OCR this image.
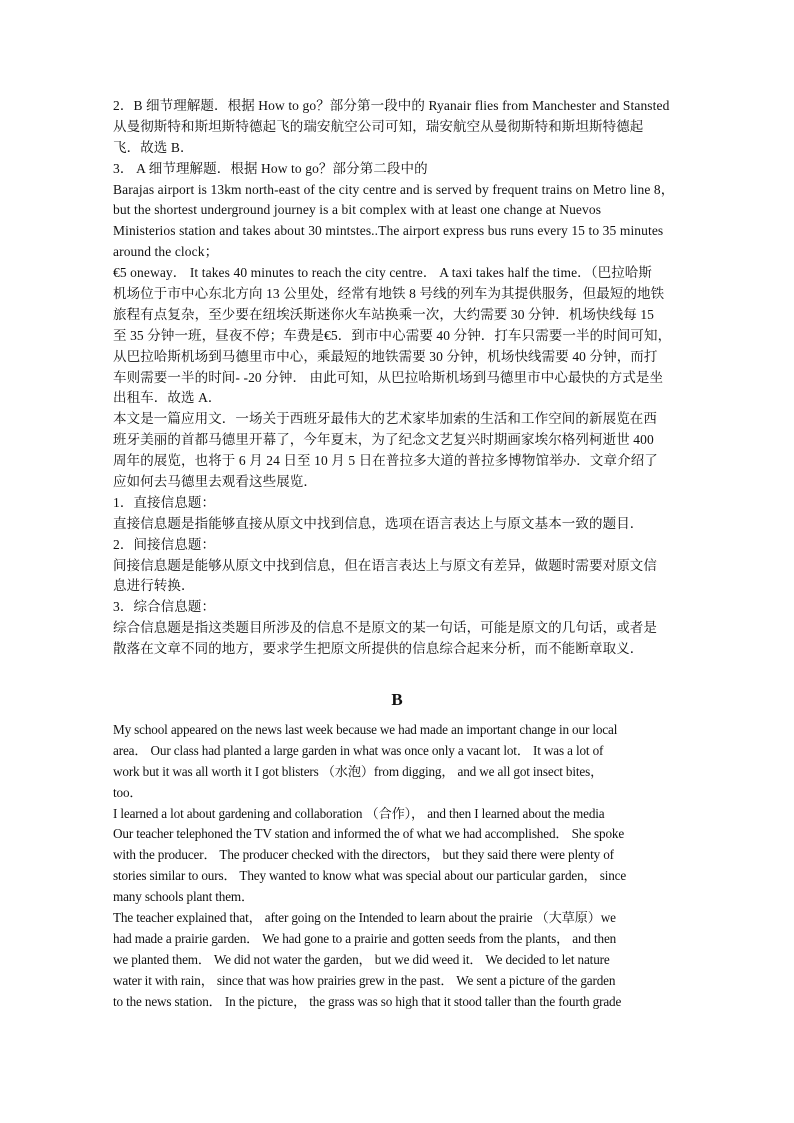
2．B 细节理解题．根据 How to go？部分第一段中的 Ryanair flies from Manchester and Stansted
从曼彻斯特和斯坦斯特德起飞的瑞安航空公司可知，瑞安航空从曼彻斯特和斯坦斯特德起
飞．故选 B．
3． A 细节理解题．根据 How to go？部分第二段中的
Barajas airport is 13km north-east of the city centre and is served by frequent trains on Metro line 8，
but the shortest underground journey is a bit complex with at least one change at Nuevos
Ministerios station and takes about 30 mintstes..The airport express bus runs every 15 to 35 minutes
around the clock；
€5 oneway． It takes 40 minutes to reach the city centre． A taxi takes half the time．（巴拉哈斯
机场位于市中心东北方向 13 公里处，经常有地铁 8 号线的列车为其提供服务，但最短的地铁
旅程有点复杂，至少要在纽埃沃斯迷你火车站换乘一次，大约需要 30 分钟．机场快线每 15
至 35 分钟一班，昼夜不停；车费是€5．到市中心需要 40 分钟．打车只需要一半的时间可知，
从巴拉哈斯机场到马德里市中心，乘最短的地铁需要 30 分钟，机场快线需要 40 分钟，而打
车则需要一半的时间- -20 分钟． 由此可知，从巴拉哈斯机场到马德里市中心最快的方式是坐
出租车．故选 A．
本文是一篇应用文．一场关于西班牙最伟大的艺术家毕加索的生活和工作空间的新展览在西
班牙美丽的首都马德里开幕了，今年夏末，为了纪念文艺复兴时期画家埃尔格列柯逝世 400
周年的展览，也将于 6 月 24 日至 10 月 5 日在普拉多大道的普拉多博物馆举办．文章介绍了
应如何去马德里去观看这些展览．
1．直接信息题：
直接信息题是指能够直接从原文中找到信息，选项在语言表达上与原文基本一致的题目．
2．间接信息题：
间接信息题是能够从原文中找到信息，但在语言表达上与原文有差异，做题时需要对原文信
息进行转换．
3．综合信息题：
综合信息题是指这类题目所涉及的信息不是原文的某一句话，可能是原文的几句话，或者是
散落在文章不同的地方，要求学生把原文所提供的信息综合起来分析，而不能断章取义．
B
My school appeared on the news last week because we had made an important change in our local
area． Our class had planted a large garden in what was once only a vacant lot． It was a lot of
work but it was all worth it I got blisters （水泡）from digging， and we all got insect bites，
too．
I learned a lot about gardening and collaboration （合作）， and then I learned about the media
Our teacher telephoned the TV station and informed the of what we had accomplished． She spoke
with the producer． The producer checked with the directors， but they said there were plenty of
stories similar to ours． They wanted to know what was special about our particular garden， since
many schools plant them．
The teacher explained that， after going on the Intended to learn about the prairie （大草原）we
had made a prairie garden． We had gone to a prairie and gotten seeds from the plants， and then
we planted them． We did not water the garden， but we did weed it． We decided to let nature
water it with rain， since that was how prairies grew in the past． We sent a picture of the garden
to the news station． In the picture， the grass was so high that it stood taller than the fourth grade
